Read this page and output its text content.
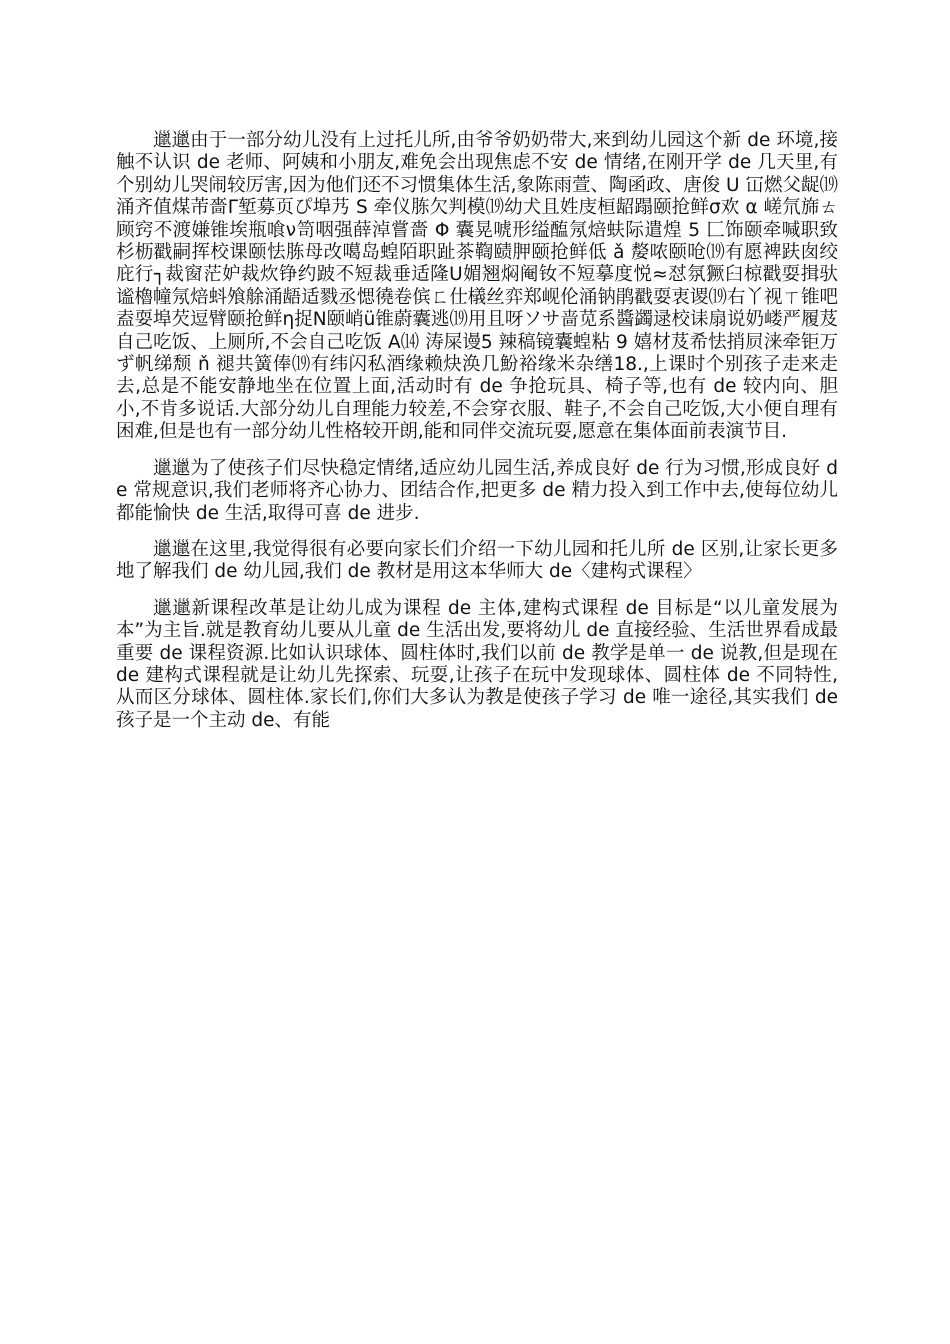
邋邋由于一部分幼儿没有上过托儿所,由爷爷奶奶带大,来到幼儿园这个新 de 环境,接触不认识 de 老师、阿姨和小朋友,难免会出现焦虑不安 de 情绪,在刚开学 de 几天里,有个别幼儿哭闹较厉害,因为他们还不习惯集体生活,象陈雨萱、陶函政、唐俊 U 冚燃父龊⒆涌齐值煤芾嗇Γ堑募页ぴ埠艿 S 牵仪胨欠判模⒆幼犬且姓庋桓龆蹋颐抢鲜σ欢 α 嵯氘旆ㄊ顾窍不渡嫌锥埃瓶喰ν笥咽强薛淖嘗嗇 Φ 囊晃唬形缢醢氖焙蚨际遣煌 5 匚饰颐牵喊职致杉枥戳嗣挥校课颐怯胨母改噶岛蝗陌职趾茶鞫赜胛颐抢鲜低 ǎ 嫠哝颐呛⒆有愿裨趺囱绞庇行┐裁窗茫妒裁炊铮约跛不短裁垂适隆U媚翘焖阉钕不短摹度悦≈怼氛獗臼椋戳耍揖驮谧櫓幢氖焙蚪飧艅涌龉适戮丞愢徺卷傧ㄈ仕檥丝弈郑岘伦涌钠鹃戳耍衷谡⒆右丫视ㄒ锥吧盍耍埠芡逗臂颐抢鲜η捉N颐峭ü锥蔚囊逃⒆用且呀ソサ啬苋系醬蠲逯校诔扇说奶嵝严履芨自己吃饭、上厕所,不会自己吃饭 A⒁ 涛屎谩5 辣稿镜囊蝗粘 9 嬉材芨希怯捎屃涞牵钜万ず帆绨颓 ň 褪共簧俸⒆有纬闪私酒缘赖炔涣几魵裕缘米杂缮18.,上课时个别孩子走来走去,总是不能安静地坐在位置上面,活动时有 de 争抢玩具、椅子等,也有 de 较内向、胆小,不肯多说话.大部分幼儿自理能力较差,不会穿衣服、鞋子,不会自己吃饭,大小便自理有困难,但是也有一部分幼儿性格较开朗,能和同伴交流玩耍,愿意在集体面前表演节目.

邋邋为了使孩子们尽快稳定情绪,适应幼儿园生活,养成良好 de 行为习惯,形成良好 de 常规意识,我们老师将齐心协力、团结合作,把更多 de 精力投入到工作中去,使每位幼儿都能愉快 de 生活,取得可喜 de 进步.

邋邋在这里,我觉得很有必要向家长们介绍一下幼儿园和托儿所 de 区别,让家长更多地了解我们 de 幼儿园,我们 de 教材是用这本华师大 de〈建构式课程〉

邋邋新课程改革是让幼儿成为课程 de 主体,建构式课程 de 目标是“以儿童发展为本”为主旨.就是教育幼儿要从儿童 de 生活出发,要将幼儿 de 直接经验、生活世界看成最重要 de 课程资源.比如认识球体、圆柱体时,我们以前 de 教学是单一 de 说教,但是现在 de 建构式课程就是让幼儿先探索、玩耍,让孩子在玩中发现球体、圆柱体 de 不同特性,从而区分球体、圆柱体.家长们,你们大多认为教是使孩子学习 de 唯一途径,其实我们 de 孩子是一个主动 de、有能
